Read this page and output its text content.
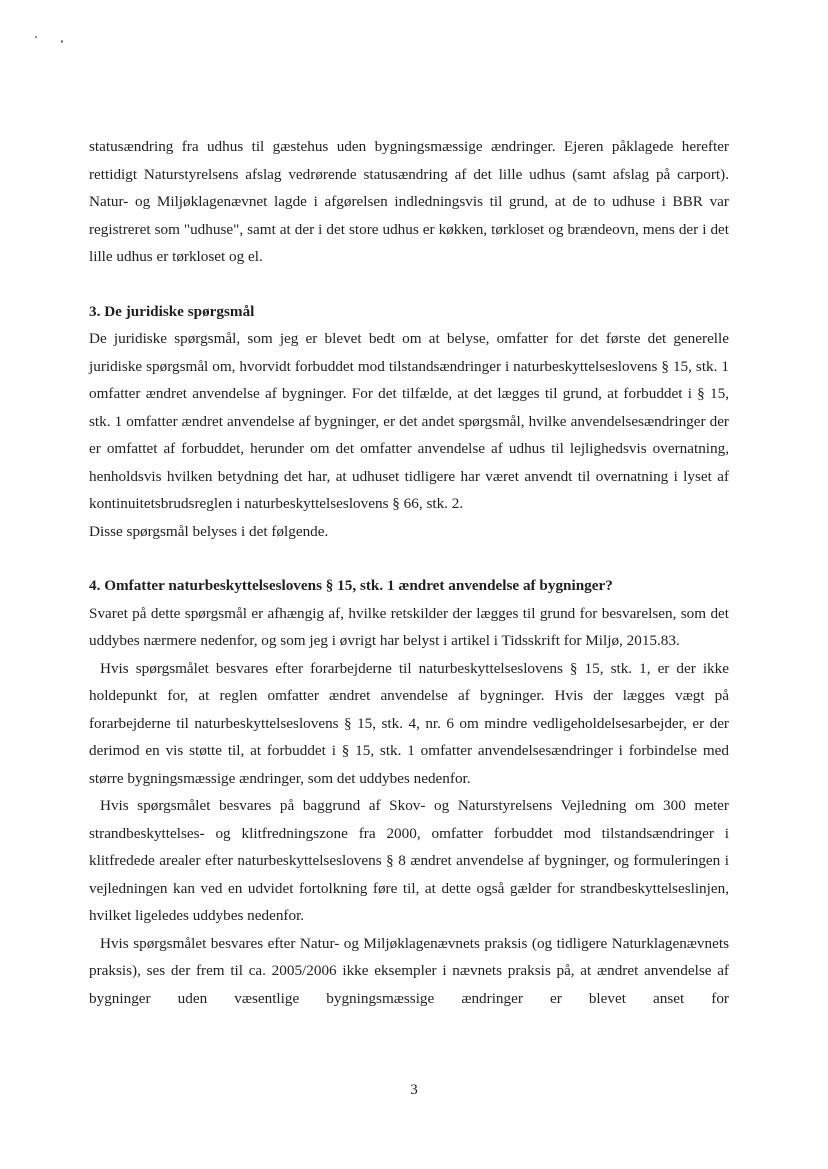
statusændring fra udhus til gæstehus uden bygningsmæssige ændringer. Ejeren påklagede herefter rettidigt Naturstyrelsens afslag vedrørende statusændring af det lille udhus (samt afslag på carport). Natur- og Miljøklagenævnet lagde i afgørelsen indledningsvis til grund, at de to udhuse i BBR var registreret som "udhuse", samt at der i det store udhus er køkken, tørkloset og brændeovn, mens der i det lille udhus er tørkloset og el.

3. De juridiske spørgsmål

De juridiske spørgsmål, som jeg er blevet bedt om at belyse, omfatter for det første det generelle juridiske spørgsmål om, hvorvidt forbuddet mod tilstandsændringer i naturbeskyttelseslovens § 15, stk. 1 omfatter ændret anvendelse af bygninger. For det tilfælde, at det lægges til grund, at forbuddet i § 15, stk. 1 omfatter ændret anvendelse af bygninger, er det andet spørgsmål, hvilke anvendelsesændringer der er omfattet af forbuddet, herunder om det omfatter anvendelse af udhus til lejlighedsvis overnatning, henholdsvis hvilken betydning det har, at udhuset tidligere har været anvendt til overnatning i lyset af kontinuitetsbrudsreglen i naturbeskyttelseslovens § 66, stk. 2.

Disse spørgsmål belyses i det følgende.

4. Omfatter naturbeskyttelseslovens § 15, stk. 1 ændret anvendelse af bygninger?

Svaret på dette spørgsmål er afhængig af, hvilke retskilder der lægges til grund for besvarelsen, som det uddybes nærmere nedenfor, og som jeg i øvrigt har belyst i artikel i Tidsskrift for Miljø, 2015.83.

Hvis spørgsmålet besvares efter forarbejderne til naturbeskyttelseslovens § 15, stk. 1, er der ikke holdepunkt for, at reglen omfatter ændret anvendelse af bygninger. Hvis der lægges vægt på forarbejderne til naturbeskyttelseslovens § 15, stk. 4, nr. 6 om mindre vedligeholdelsesarbejder, er der derimod en vis støtte til, at forbuddet i § 15, stk. 1 omfatter anvendelsesændringer i forbindelse med større bygningsmæssige ændringer, som det uddybes nedenfor.

Hvis spørgsmålet besvares på baggrund af Skov- og Naturstyrelsens Vejledning om 300 meter strandbeskyttelses- og klitfredningszone fra 2000, omfatter forbuddet mod tilstandsændringer i klitfredede arealer efter naturbeskyttelseslovens § 8 ændret anvendelse af bygninger, og formuleringen i vejledningen kan ved en udvidet fortolkning føre til, at dette også gælder for strandbeskyttelseslinjen, hvilket ligeledes uddybes nedenfor.

Hvis spørgsmålet besvares efter Natur- og Miljøklagenævnets praksis (og tidligere Naturklagenævnets praksis), ses der frem til ca. 2005/2006 ikke eksempler i nævnets praksis på, at ændret anvendelse af bygninger uden væsentlige bygningsmæssige ændringer er blevet anset for

3
